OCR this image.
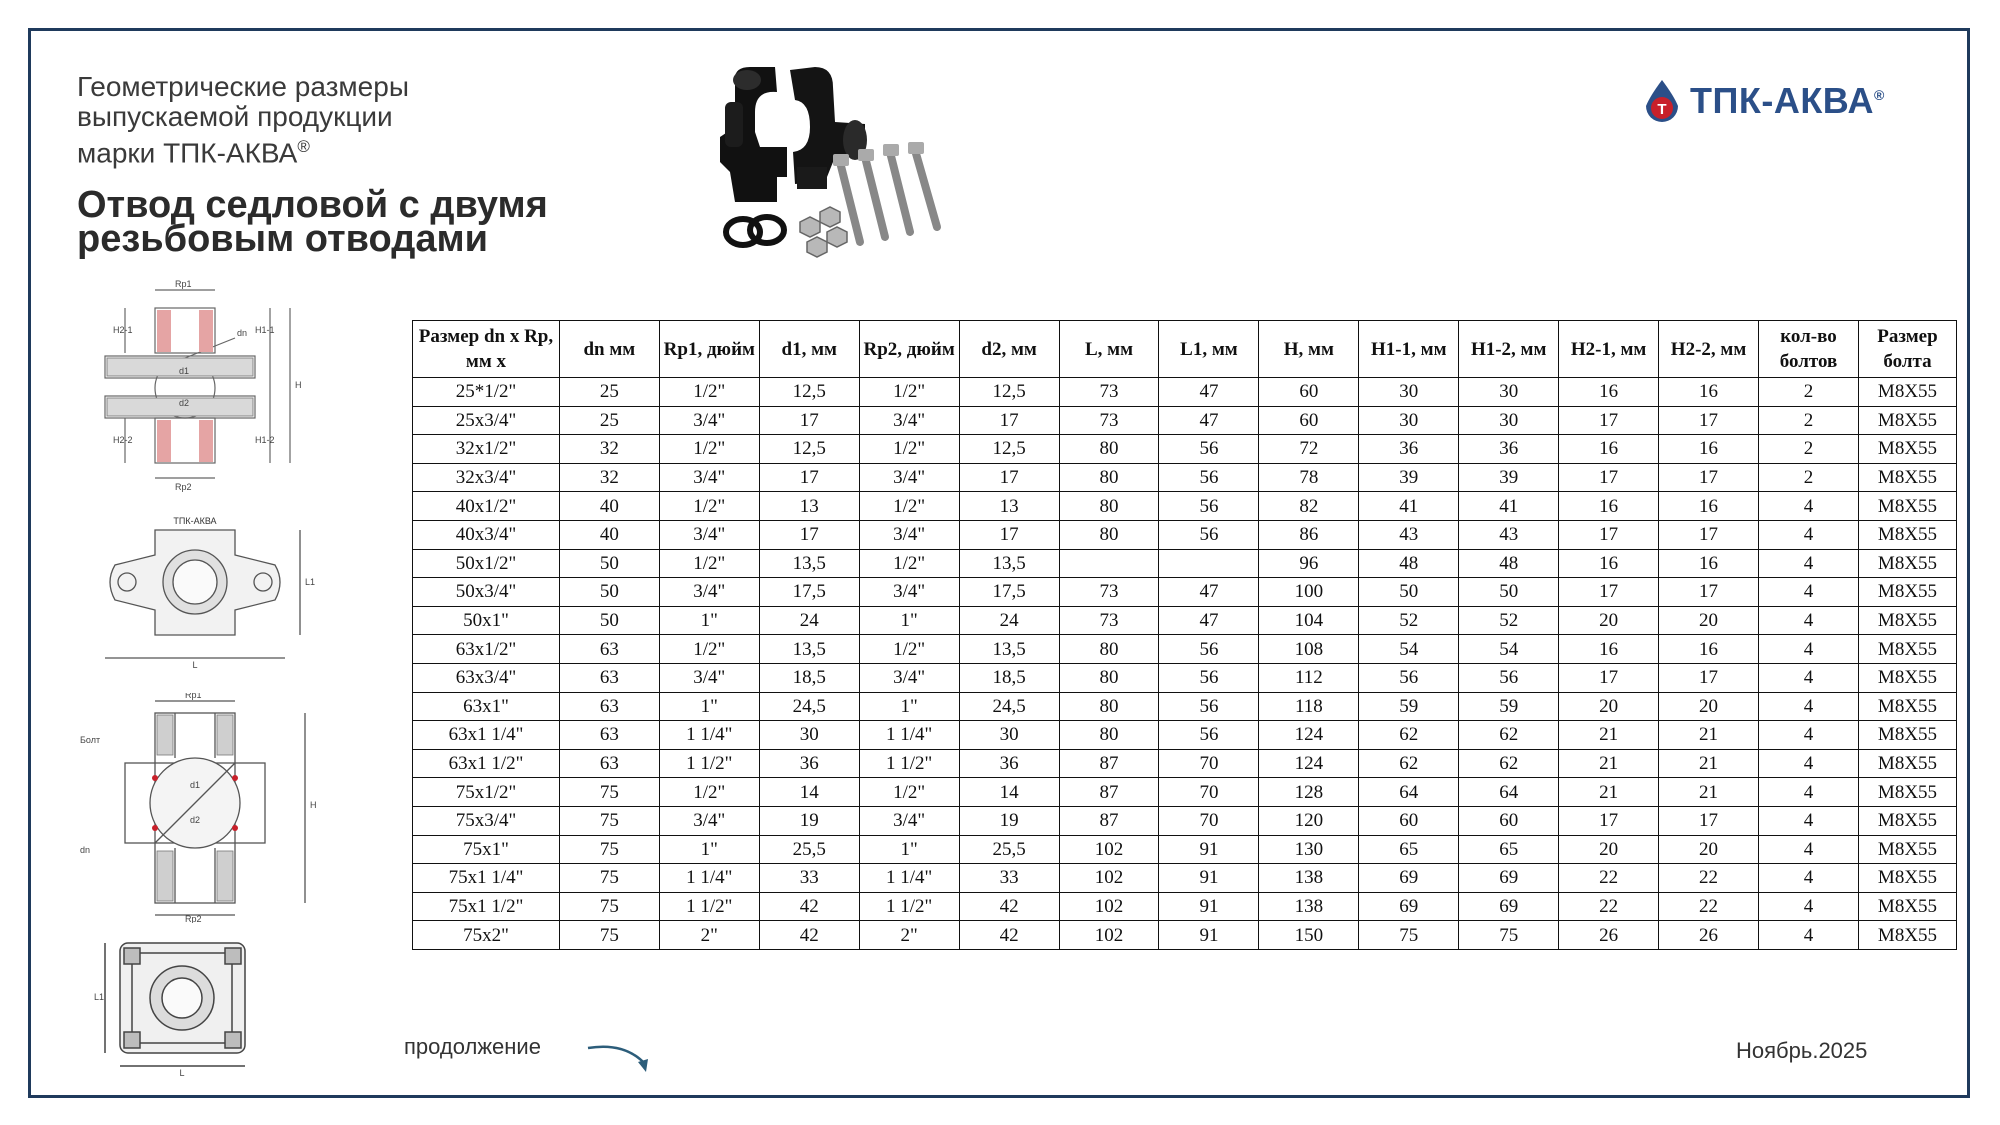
Геометрические размеры
выпускаемой продукции
марки ТПК-АКВА®
Отвод седловой с двумя
резьбовым отводами
Т ТПК-АКВА®
Rp1
Rp2
dn
d1
d2
H
H1-1
H1-2
H2-1
H2-2
ТПК-АКВА
L1
L
Rp1
Rp2
Болт
dn
d1
d2
H
L1
L
Размер dn х Rp, мм х	dn мм	Rp1, дюйм	d1, мм	Rp2, дюйм	d2, мм	L, мм	L1, мм	H, мм	H1-1, мм	H1-2, мм	H2-1, мм	H2-2, мм	кол-во болтов	Размер болта
25*1/2"	25	1/2"	12,5	1/2"	12,5	73	47	60	30	30	16	16	2	M8X55
25x3/4"	25	3/4"	17	3/4"	17	73	47	60	30	30	17	17	2	M8X55
32x1/2"	32	1/2"	12,5	1/2"	12,5	80	56	72	36	36	16	16	2	M8X55
32x3/4"	32	3/4"	17	3/4"	17	80	56	78	39	39	17	17	2	M8X55
40x1/2"	40	1/2"	13	1/2"	13	80	56	82	41	41	16	16	4	M8X55
40x3/4"	40	3/4"	17	3/4"	17	80	56	86	43	43	17	17	4	M8X55
50x1/2"	50	1/2"	13,5	1/2"	13,5			96	48	48	16	16	4	M8X55
50x3/4"	50	3/4"	17,5	3/4"	17,5	73	47	100	50	50	17	17	4	M8X55
50x1"	50	1"	24	1"	24	73	47	104	52	52	20	20	4	M8X55
63x1/2"	63	1/2"	13,5	1/2"	13,5	80	56	108	54	54	16	16	4	M8X55
63x3/4"	63	3/4"	18,5	3/4"	18,5	80	56	112	56	56	17	17	4	M8X55
63x1"	63	1"	24,5	1"	24,5	80	56	118	59	59	20	20	4	M8X55
63x1 1/4"	63	1 1/4"	30	1 1/4"	30	80	56	124	62	62	21	21	4	M8X55
63x1 1/2"	63	1 1/2"	36	1 1/2"	36	87	70	124	62	62	21	21	4	M8X55
75x1/2"	75	1/2"	14	1/2"	14	87	70	128	64	64	21	21	4	M8X55
75x3/4"	75	3/4"	19	3/4"	19	87	70	120	60	60	17	17	4	M8X55
75x1"	75	1"	25,5	1"	25,5	102	91	130	65	65	20	20	4	M8X55
75x1 1/4"	75	1 1/4"	33	1 1/4"	33	102	91	138	69	69	22	22	4	M8X55
75x1 1/2"	75	1 1/2"	42	1 1/2"	42	102	91	138	69	69	22	22	4	M8X55
75x2"	75	2"	42	2"	42	102	91	150	75	75	26	26	4	M8X55
продолжение	Ноябрь.2025
